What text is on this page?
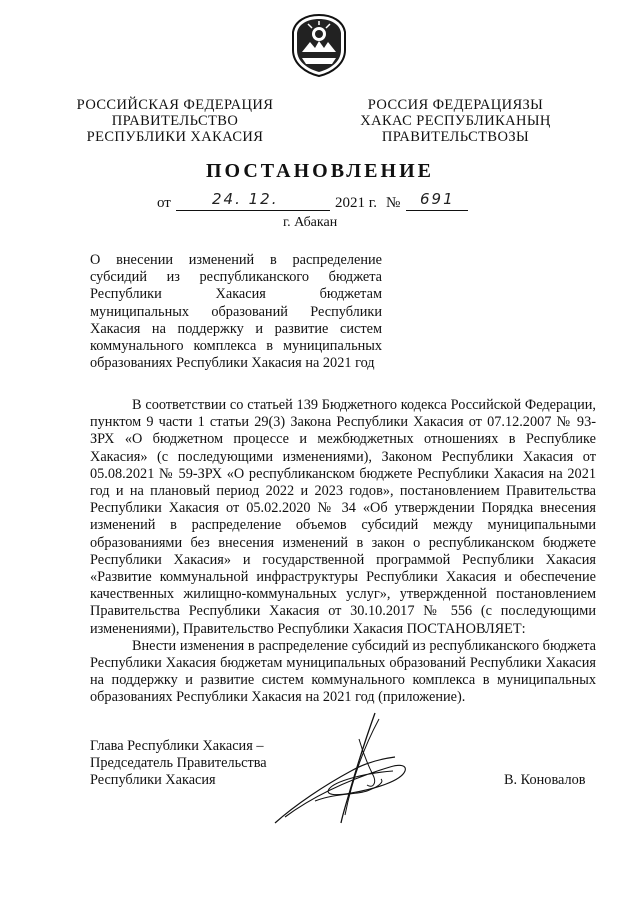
РОССИЙСКАЯ ФЕДЕРАЦИЯ
ПРАВИТЕЛЬСТВО
РЕСПУБЛИКИ ХАКАСИЯ
РОССИЯ ФЕДЕРАЦИЯЗЫ
ХАКАС РЕСПУБЛИКАНЫҢ
ПРАВИТЕЛЬСТВОЗЫ
ПОСТАНОВЛЕНИЕ
от	24. 12.	2021 г. № 691
г. Абакан
О внесении изменений в распределение субсидий из республиканского бюджета Республики Хакасия бюджетам муниципальных образований Республики Хакасия на поддержку и развитие систем коммунального комплекса в муниципальных образованиях Республики Хакасия на 2021 год

В соответствии со статьей 139 Бюджетного кодекса Российской Федерации, пунктом 9 части 1 статьи 29(3) Закона Республики Хакасия от 07.12.2007 № 93-ЗРХ «О бюджетном процессе и межбюджетных отношениях в Республике Хакасия» (с последующими изменениями), Законом Республики Хакасия от 05.08.2021 № 59-ЗРХ «О республиканском бюджете Республики Хакасия на 2021 год и на плановый период 2022 и 2023 годов», постановлением Правительства Республики Хакасия от 05.02.2020 № 34 «Об утверждении Порядка внесения изменений в распределение объемов субсидий между муниципальными образованиями без внесения изменений в закон о республиканском бюджете Республики Хакасия» и государственной программой Республики Хакасия «Развитие коммунальной инфраструктуры Республики Хакасия и обеспечение качественных жилищно-коммунальных услуг», утвержденной постановлением Правительства Республики Хакасия от 30.10.2017 № 556 (с последующими изменениями), Правительство Республики Хакасия ПОСТАНОВЛЯЕТ:

Внести изменения в распределение субсидий из республиканского бюджета Республики Хакасия бюджетам муниципальных образований Республики Хакасия на поддержку и развитие систем коммунального комплекса в муниципальных образованиях Республики Хакасия на 2021 год (приложение).

Глава Республики Хакасия –
Председатель Правительства
Республики Хакасия	В. Коновалов
